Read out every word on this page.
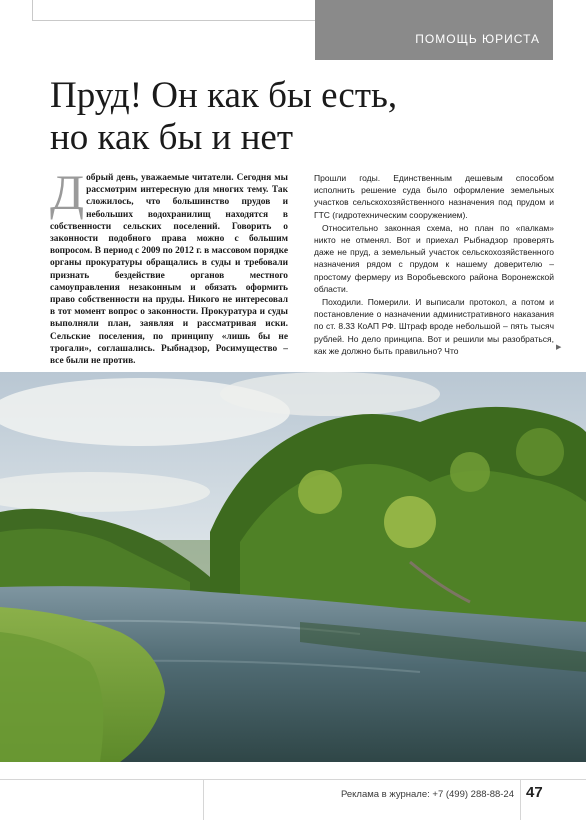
ПОМОЩЬ ЮРИСТА
Пруд! Он как бы есть,
но как бы и нет
Добрый день, уважаемые читатели. Сегодня мы рассмотрим интересную для многих тему. Так сложилось, что большинство прудов и небольших водохранилищ находятся в собственности сельских поселений. Говорить о законности подобного права можно с большим вопросом. В период с 2009 по 2012 г. в массовом порядке органы прокуратуры обращались в суды и требовали признать бездействие органов местного самоуправления незаконным и обязать оформить право собственности на пруды. Никого не интересовал в тот момент вопрос о законности. Прокуратура и суды выполняли план, заявляя и рассматривая иски. Сельские поселения, по принципу «лишь бы не трогали», соглашались. Рыбнадзор, Росимущество – все были не против.

Прошли годы. Единственным дешевым способом исполнить решение суда было оформление земельных участков сельскохозяйственного назначения под прудом и ГТС (гидротехническим сооружением).

Относительно законная схема, но план по «палкам» никто не отменял. Вот и приехал Рыбнадзор проверять даже не пруд, а земельный участок сельскохозяйственного назначения рядом с прудом к нашему доверителю – простому фермеру из Воробьевского района Воронежской области.

Походили. Померили. И выписали протокол, а потом и постановление о назначении административного наказания по ст. 8.33 КоАП РФ. Штраф вроде небольшой – пять тысяч рублей. Но дело принципа. Вот и решили мы разобраться, как же должно быть правильно? Что	▶
Реклама в журнале: +7 (499) 288-88-24 47
